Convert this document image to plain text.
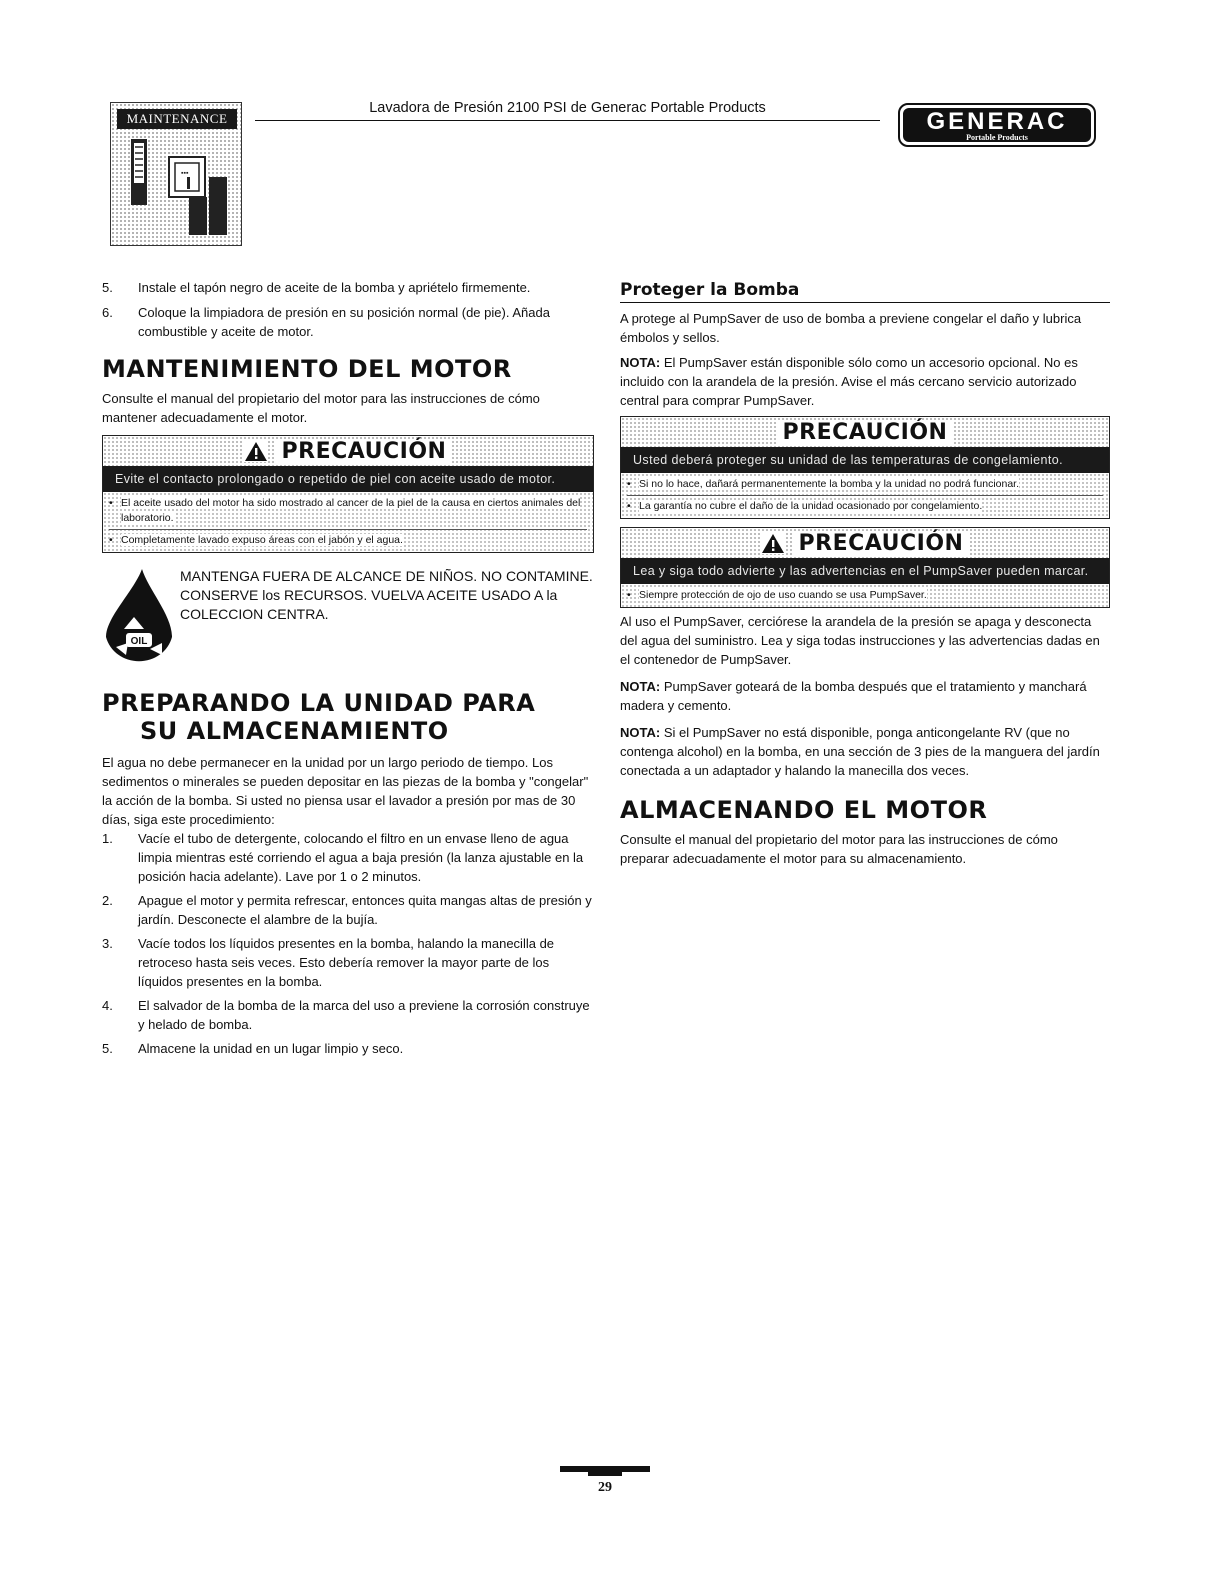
MAINTENANCE
▪▪▪
Lavadora de Presión 2100 PSI de Generac Portable Products	GENERAC
Portable Products
5.	Instale el tapón negro de aceite de la bomba y apriételo firmemente.
6.	Coloque la limpiadora de presión en su posición normal (de pie). Añada combustible y aceite de motor.
MANTENIMIENTO DEL MOTOR

Consulte el manual del propietario del motor para las instrucciones de cómo mantener adecuadamente el motor.

PRECAUCIÓN
Evite el contacto prolongado o repetido de piel con aceite usado de motor.
• El aceite usado del motor ha sido mostrado al cancer de la piel de la causa en ciertos animales del laboratorio.
• Completamente lavado expuso áreas con el jabón y el agua.
OIL

MANTENGA FUERA DE ALCANCE DE NIÑOS. NO CONTAMINE. CONSERVE los RECURSOS. VUELVA ACEITE USADO A la COLECCION CENTRA.

PREPARANDO LA UNIDAD PARA
SU ALMACENAMIENTO

El agua no debe permanecer en la unidad por un largo periodo de tiempo. Los sedimentos o minerales se pueden depositar en las piezas de la bomba y "congelar" la acción de la bomba. Si usted no piensa usar el lavador a presión por mas de 30 días, siga este procedimiento:

1.	Vacíe el tubo de detergente, colocando el filtro en un envase lleno de agua limpia mientras esté corriendo el agua a baja presión (la lanza ajustable en la posición hacia adelante). Lave por 1 o 2 minutos.
2.	Apague el motor y permita refrescar, entonces quita mangas altas de presión y jardín. Desconecte el alambre de la bujía.
3.	Vacíe todos los líquidos presentes en la bomba, halando la manecilla de retroceso hasta seis veces. Esto debería remover la mayor parte de los líquidos presentes en la bomba.
4.	El salvador de la bomba de la marca del uso a previene la corrosión construye y helado de bomba.
5.	Almacene la unidad en un lugar limpio y seco.
Proteger la Bomba

A protege al PumpSaver de uso de bomba a previene congelar el daño y lubrica émbolos y sellos.

NOTA: El PumpSaver están disponible sólo como un accesorio opcional. No es incluido con la arandela de la presión. Avise el más cercano servicio autorizado central para comprar PumpSaver.

PRECAUCIÓN
Usted deberá proteger su unidad de las temperaturas de congelamiento.
• Si no lo hace, dañará permanentemente la bomba y la unidad no podrá funcionar.
• La garantía no cubre el daño de la unidad ocasionado por congelamiento.
PRECAUCIÓN
Lea y siga todo advierte y las advertencias en el PumpSaver pueden marcar.
• Siempre protección de ojo de uso cuando se usa PumpSaver.

Al uso el PumpSaver, cerciórese la arandela de la presión se apaga y desconecta del agua del suministro. Lea y siga todas instrucciones y las advertencias dadas en el contenedor de PumpSaver.

NOTA: PumpSaver goteará de la bomba después que el tratamiento y manchará madera y cemento.

NOTA: Si el PumpSaver no está disponible, ponga anticongelante RV (que no contenga alcohol) en la bomba, en una sección de 3 pies de la manguera del jardín conectada a un adaptador y halando la manecilla dos veces.

ALMACENANDO EL MOTOR

Consulte el manual del propietario del motor para las instrucciones de cómo preparar adecuadamente el motor para su almacenamiento.

29
